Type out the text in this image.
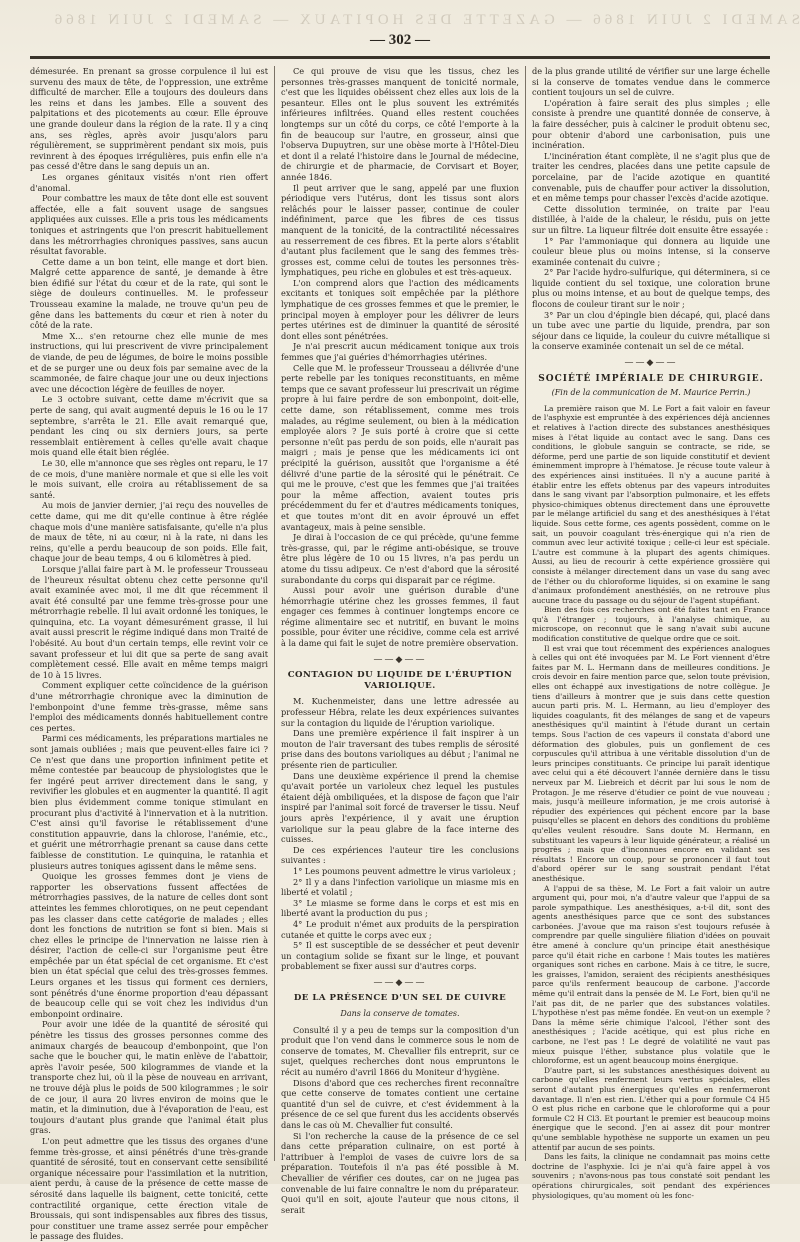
SAMEDI 2 JUIN 1866 — GAZETTE DES HOPITAUX — SAMEDI 2 JUIN 1866
— 302 —

démesurée. En prenant sa grosse corpulence il lui est survenu des maux de tête, de l'oppression, une extrême difficulté de marcher. Elle a toujours des douleurs dans les reins et dans les jambes. Elle a souvent des palpitations et des picotements au cœur. Elle éprouve une grande douleur dans la région de la rate. Il y a cinq ans, ses règles, après avoir jusqu'alors paru régulièrement, se supprimèrent pendant six mois, puis revinrent à des époques irrégulières, puis enfin elle n'a pas cessé d'être dans le sang depuis un an.

Les organes génitaux visités n'ont rien offert d'anomal.

Pour combattre les maux de tête dont elle est souvent affectée, elle a fait souvent usage de sangsues appliquées aux cuisses. Elle a pris tous les médicaments toniques et astringents que l'on prescrit habituellement dans les métrorrhagies chroniques passives, sans aucun résultat favorable.

Cette dame a un bon teint, elle mange et dort bien. Malgré cette apparence de santé, je demande à être bien édifié sur l'état du cœur et de la rate, qui sont le siège de douleurs continuelles. M. le professeur Trousseau examine la malade, ne trouve qu'un peu de gêne dans les battements du cœur et rien à noter du côté de la rate.

Mme X... s'en retourne chez elle munie de mes instructions, qui lui prescrivent de vivre principalement de viande, de peu de légumes, de boire le moins possible et de se purger une ou deux fois par semaine avec de la scammonée, de faire chaque jour une ou deux injections avec une décoction légère de feuilles de noyer.

Le 3 octobre suivant, cette dame m'écrivit que sa perte de sang, qui avait augmenté depuis le 16 ou le 17 septembre, s'arrêta le 21. Elle avait remarqué que, pendant les cinq ou six derniers jours, sa perte ressemblait entièrement à celles qu'elle avait chaque mois quand elle était bien réglée.

Le 30, elle m'annonce que ses règles ont reparu, le 17 de ce mois, d'une manière normale et que si elle les voit le mois suivant, elle croira au rétablissement de sa santé.

Au mois de janvier dernier, j'ai reçu des nouvelles de cette dame, qui me dit qu'elle continue à être réglée chaque mois d'une manière satisfaisante, qu'elle n'a plus de maux de tête, ni au cœur, ni à la rate, ni dans les reins, qu'elle a perdu beaucoup de son poids. Elle fait, chaque jour de beau temps, 4 ou 6 kilomètres à pied.

Lorsque j'allai faire part à M. le professeur Trousseau de l'heureux résultat obtenu chez cette personne qu'il avait examinée avec moi, il me dit que récemment il avait été consulté par une femme très-grosse pour une métrorrhagie rebelle. Il lui avait ordonné les toniques, le quinquina, etc. La voyant démesurément grasse, il lui avait aussi prescrit le régime indiqué dans mon Traité de l'obésité. Au bout d'un certain temps, elle revint voir ce savant professeur et lui dit que sa perte de sang avait complètement cessé. Elle avait en même temps maigri de 10 à 15 livres.

Comment expliquer cette coïncidence de la guérison d'une métrorrhagie chronique avec la diminution de l'embonpoint d'une femme très-grasse, même sans l'emploi des médicaments donnés habituellement contre ces pertes.

Parmi ces médicaments, les préparations martiales ne sont jamais oubliées ; mais que peuvent-elles faire ici ? Ce n'est que dans une proportion infiniment petite et même contestée par beaucoup de physiologistes que le fer ingéré peut arriver directement dans le sang, y revivifier les globules et en augmenter la quantité. Il agit bien plus évidemment comme tonique stimulant en procurant plus d'activité à l'innervation et à la nutrition. C'est ainsi qu'il favorise le rétablissement d'une constitution appauvrie, dans la chlorose, l'anémie, etc., et guérit une métrorrhagie prenant sa cause dans cette faiblesse de constitution. Le quinquina, le ratanhia et plusieurs autres toniques agissent dans le même sens.

Quoique les grosses femmes dont je viens de rapporter les observations fussent affectées de métrorrhagies passives, de la nature de celles dont sont atteintes les femmes chlorotiques, on ne peut cependant pas les classer dans cette catégorie de malades ; elles dont les fonctions de nutrition se font si bien. Mais si chez elles le principe de l'innervation ne laisse rien à désirer, l'action de celle-ci sur l'organisme peut être empêchée par un état spécial de cet organisme. Et c'est bien un état spécial que celui des très-grosses femmes. Leurs organes et les tissus qui forment ces derniers, sont pénétrés d'une énorme proportion d'eau dépassant de beaucoup celle qui se voit chez les individus d'un embonpoint ordinaire.

Pour avoir une idée de la quantité de sérosité qui pénètre les tissus des grosses personnes comme des animaux chargés de beaucoup d'embonpoint, que l'on sache que le boucher qui, le matin enlève de l'abattoir, après l'avoir pesée, 500 kilogrammes de viande et la transporte chez lui, où il la pèse de nouveau en arrivant, ne trouve déjà plus le poids de 500 kilogrammes ; le soir de ce jour, il aura 20 livres environ de moins que le matin, et la diminution, due à l'évaporation de l'eau, est toujours d'autant plus grande que l'animal était plus gras.

L'on peut admettre que les tissus des organes d'une femme très-grosse, et ainsi pénétrés d'une très-grande quantité de sérosité, tout en conservant cette sensibilité organique nécessaire pour l'assimilation et la nutrition, aient perdu, à cause de la présence de cette masse de sérosité dans laquelle ils baignent, cette tonicité, cette contractilité organique, cette érection vitale de Broussais, qui sont indispensables aux fibres des tissus, pour constituer une trame assez serrée pour empêcher le passage des fluides.

Ce qui prouve de visu que les tissus, chez les personnes très-grasses manquent de tonicité normale, c'est que les liquides obéissent chez elles aux lois de la pesanteur. Elles ont le plus souvent les extrémités inférieures infiltrées. Quand elles restent couchées longtemps sur un côté du corps, ce côté l'emporte à la fin de beaucoup sur l'autre, en grosseur, ainsi que l'observa Dupuytren, sur une obèse morte à l'Hôtel-Dieu et dont il a relaté l'histoire dans le Journal de médecine, de chirurgie et de pharmacie, de Corvisart et Boyer, année 1846.

Il peut arriver que le sang, appelé par une fluxion périodique vers l'utérus, dont les tissus sont alors relâchés pour le laisser passer, continue de couler indéfiniment, parce que les fibres de ces tissus manquent de la tonicité, de la contractilité nécessaires au resserrement de ces fibres. Et la perte alors s'établit d'autant plus facilement que le sang des femmes très-grosses est, comme celui de toutes les personnes très-lymphatiques, peu riche en globules et est très-aqueux.

L'on comprend alors que l'action des médicaments excitants et toniques soit empêchée par la pléthore lymphatique de ces grosses femmes et que le premier, le principal moyen à employer pour les délivrer de leurs pertes utérines est de diminuer la quantité de sérosité dont elles sont pénétrées.

Je n'ai prescrit aucun médicament tonique aux trois femmes que j'ai guéries d'hémorrhagies utérines.

Celle que M. le professeur Trousseau a délivrée d'une perte rebelle par les toniques reconstituants, en même temps que ce savant professeur lui prescrivait un régime propre à lui faire perdre de son embonpoint, doit-elle, cette dame, son rétablissement, comme mes trois malades, au régime seulement, ou bien à la médication employée alors ? Je suis porté à croire que si cette personne n'eût pas perdu de son poids, elle n'aurait pas maigri ; mais je pense que les médicaments ici ont précipité la guérison, aussitôt que l'organisme a été délivré d'une partie de la sérosité qui le pénétrait. Ce qui me le prouve, c'est que les femmes que j'ai traitées pour la même affection, avaient toutes pris précédemment du fer et d'autres médicaments toniques, et que toutes m'ont dit en avoir éprouvé un effet avantageux, mais à peine sensible.

Je dirai à l'occasion de ce qui précède, qu'une femme très-grasse, qui, par le régime anti-obésique, se trouve être plus légère de 10 ou 15 livres, n'a pas perdu un atome du tissu adipeux. Ce n'est d'abord que la sérosité surabondante du corps qui disparait par ce régime.

Aussi pour avoir une guérison durable d'une hémorrhagie utérine chez les grosses femmes, il faut engager ces femmes à continuer longtemps encore ce régime alimentaire sec et nutritif, en buvant le moins possible, pour éviter une récidive, comme cela est arrivé à la dame qui fait le sujet de notre première observation.

——◆——
CONTAGION DU LIQUIDE DE L'ÉRUPTION VARIOLIQUE.

M. Kuchenmeister, dans une lettre adressée au professeur Hébra, relate les deux expériences suivantes sur la contagion du liquide de l'éruption variolique.

Dans une première expérience il fait inspirer à un mouton de l'air traversant des tubes remplis de sérosité prise dans des boutons varioliques au début ; l'animal ne présente rien de particulier.

Dans une deuxième expérience il prend la chemise qu'avait portée un varioleux chez lequel les pustules étaient déjà ombiliquées, et la dispose de façon que l'air inspiré par l'animal soit forcé de traverser le tissu. Neuf jours après l'expérience, il y avait une éruption variolique sur la peau glabre de la face interne des cuisses.

De ces expériences l'auteur tire les conclusions suivantes :

1° Les poumons peuvent admettre le virus varioleux ;

2° Il y a dans l'infection variolique un miasme mis en liberté et volatil ;

3° Le miasme se forme dans le corps et est mis en liberté avant la production du pus ;

4° Le produit n'émet aux produits de la perspiration cutanée et quitte le corps avec eux ;

5° Il est susceptible de se dessécher et peut devenir un contagium solide se fixant sur le linge, et pouvant probablement se fixer aussi sur d'autres corps.

——◆——
DE LA PRÉSENCE D'UN SEL DE CUIVRE
Dans la conserve de tomates.

Consulté il y a peu de temps sur la composition d'un produit que l'on vend dans le commerce sous le nom de conserve de tomates, M. Chevallier fils entreprit, sur ce sujet, quelques recherches dont nous empruntons le récit au numéro d'avril 1866 du Moniteur d'hygiène.

Disons d'abord que ces recherches firent reconnaître que cette conserve de tomates contient une certaine quantité d'un sel de cuivre, et c'est évidemment à la présence de ce sel que furent dus les accidents observés dans le cas où M. Chevallier fut consulté.

Si l'on recherche la cause de la présence de ce sel dans cette préparation culinaire, on est porté à l'attribuer à l'emploi de vases de cuivre lors de sa préparation. Toutefois il n'a pas été possible à M. Chevallier de vérifier ces doutes, car on ne jugea pas convenable de lui faire connaître le nom du préparateur. Quoi qu'il en soit, ajoute l'auteur que nous citons, il serait

de la plus grande utilité de vérifier sur une large échelle si la conserve de tomates vendue dans le commerce contient toujours un sel de cuivre.

L'opération à faire serait des plus simples ; elle consiste à prendre une quantité donnée de conserve, à la faire dessécher, puis à calciner le produit obtenu sec, pour obtenir d'abord une carbonisation, puis une incinération.

L'incinération étant complète, il ne s'agit plus que de traiter les cendres, placées dans une petite capsule de porcelaine, par de l'acide azotique en quantité convenable, puis de chauffer pour activer la dissolution, et en même temps pour chasser l'excès d'acide azotique.

Cette dissolution terminée, on traite par l'eau distillée, à l'aide de la chaleur, le résidu, puis on jette sur un filtre. La liqueur filtrée doit ensuite être essayée :

1° Par l'ammoniaque qui donnera au liquide une couleur bleue plus ou moins intense, si la conserve examinée contenait du cuivre ;

2° Par l'acide hydro-sulfurique, qui déterminera, si ce liquide contient du sel toxique, une coloration brune plus ou moins intense, et au bout de quelque temps, des flocons de couleur tirant sur le noir ;

3° Par un clou d'épingle bien décapé, qui, placé dans un tube avec une partie du liquide, prendra, par son séjour dans ce liquide, la couleur du cuivre métallique si la conserve examinée contenait un sel de ce métal.

——◆——
SOCIÉTÉ IMPÉRIALE DE CHIRURGIE.
(Fin de la communication de M. Maurice Perrin.)

La première raison que M. Le Fort a fait valoir en faveur de l'asphyxie est empruntée à des expériences déjà anciennes et relatives à l'action directe des substances anesthésiques mises à l'état liquide au contact avec le sang. Dans ces conditions, le globule sanguin se contracte, se ride, se déforme, perd une partie de son liquide constitutif et devient éminemment impropre à l'hématose. Je récuse toute valeur à des expériences ainsi instituées. Il n'y a aucune parité à établir entre les effets obtenus par des vapeurs introduites dans le sang vivant par l'absorption pulmonaire, et les effets physico-chimiques obtenus directement dans une éprouvette par le mélange artificiel du sang et des anesthésiques à l'état liquide. Sous cette forme, ces agents possèdent, comme on le sait, un pouvoir coagulant très-énergique qui n'a rien de commun avec leur activité toxique ; celle-ci leur est spéciale. L'autre est commune à la plupart des agents chimiques. Aussi, au lieu de recourir à cette expérience grossière qui consiste à mélanger directement dans un vase du sang avec de l'éther ou du chloroforme liquides, si on examine le sang d'animaux profondément anesthésiés, on ne retrouve plus aucune trace du passage ou du séjour de l'agent stupéfiant.

Bien des fois ces recherches ont été faites tant en France qu'à l'étranger ; toujours, à l'analyse chimique, au microscope, on reconnut que le sang n'avait subi aucune modification constitutive de quelque ordre que ce soit.

Il est vrai que tout récemment des expériences analogues à celles qui ont été invoquées par M. Le Fort viennent d'être faites par M. L. Hermann dans de meilleures conditions. Je crois devoir en faire mention parce que, selon toute prévision, elles ont échappé aux investigations de notre collègue. Je tiens d'ailleurs à montrer que je suis dans cette question aucun parti pris. M. L. Hermann, au lieu d'employer des liquides coagulants, fit des mélanges de sang et de vapeurs anesthésiques qu'il maintint à l'étude durant un certain temps. Sous l'action de ces vapeurs il constata d'abord une déformation des globules, puis un gonflement de ces corpuscules qu'il attribua à une véritable dissolution d'un de leurs principes constituants. Ce principe lui paraît identique avec celui qui a été découvert l'année dernière dans le tissu nerveux par M. Liebreich et décrit par lui sous le nom de Protagon. Je me réserve d'étudier ce point de vue nouveau ; mais, jusqu'à meilleure information, je me crois autorisé à répudier des expériences qui péchent encore par la base puisqu'elles se placent en dehors des conditions du problème qu'elles veulent résoudre. Sans doute M. Hermann, en substituant les vapeurs à leur liquide générateur, a réalisé un progrès ; mais que d'inconnues encore en validant ses résultats ! Encore un coup, pour se prononcer il faut tout d'abord opérer sur le sang soustrait pendant l'état anesthésique.

A l'appui de sa thèse, M. Le Fort a fait valoir un autre argument qui, pour moi, n'a d'autre valeur que l'appui de sa parole sympathique. Les anesthésiques, a-t-il dit, sont des agents anesthésiques parce que ce sont des substances carbonées. J'avoue que ma raison s'est toujours refusée à comprendre par quelle singulière filiation d'idées on pouvait être amené à conclure qu'un principe était anesthésique parce qu'il était riche en carbone ! Mais toutes les matières organiques sont riches en carbone. Mais à ce titre, le sucre, les graisses, l'amidon, seraient des récipients anesthésiques parce qu'ils renferment beaucoup de carbone. J'accorde même qu'il entrait dans la pensée de M. Le Fort, bien qu'il ne l'ait pas dit, de ne parler que des substances volatiles. L'hypothèse n'est pas même fondée. En veut-on un exemple ? Dans la même série chimique l'alcool, l'éther sont des anesthésiques ; l'acide acétique, qui est plus riche en carbone, ne l'est pas ! Le degré de volatilité ne vaut pas mieux puisque l'éther, substance plus volatile que le chloroforme, est un agent beaucoup moins énergique.

D'autre part, si les substances anesthésiques doivent au carbone qu'elles renferment leurs vertus spéciales, elles seront d'autant plus énergiques qu'elles en renfermeront davantage. Il n'en est rien. L'éther qui a pour formule C4 H5 O est plus riche en carbone que le chloroforme qui a pour formule C2 H Cl3. Et pourtant le premier est beaucoup moins énergique que le second. J'en ai assez dit pour montrer qu'une semblable hypothèse ne supporte un examen un peu attentif par aucun de ses points.

Dans les faits, la clinique ne condamnait pas moins cette doctrine de l'asphyxie. Ici je n'ai qu'à faire appel à vos souvenirs ; n'avons-nous pas tous constaté soit pendant les opérations chirurgicales, soit pendant des expériences physiologiques, qu'au moment où les fonc-
